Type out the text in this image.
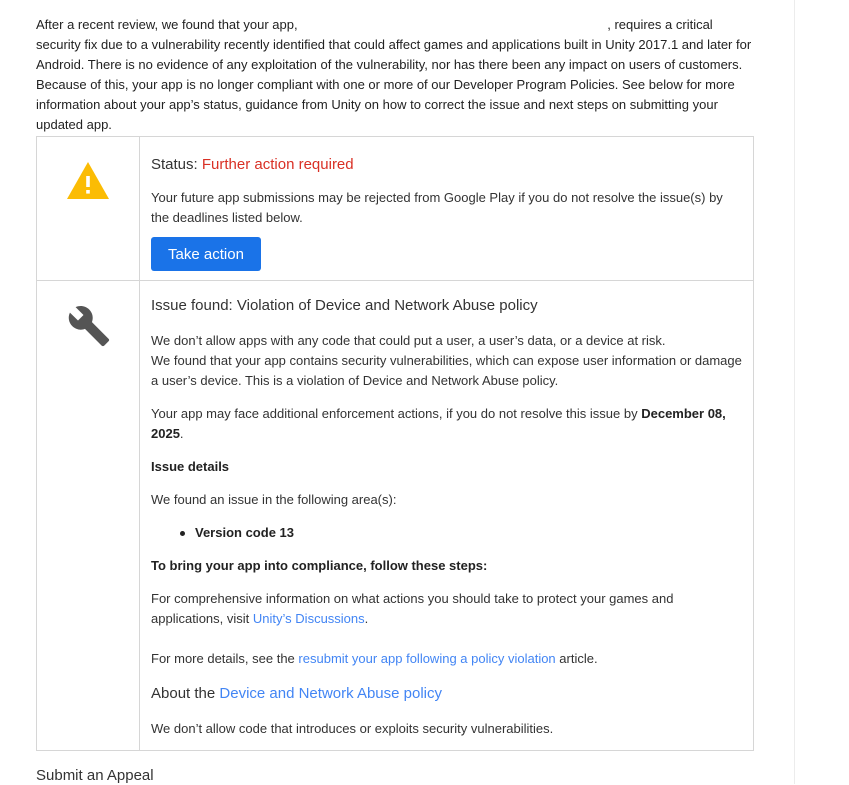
After a recent review, we found that your app,	, requires a critical security fix due to a vulnerability recently identified that could affect games and applications built in Unity 2017.1 and later for Android. There is no evidence of any exploitation of the vulnerability, nor has there been any impact on users of customers. Because of this, your app is no longer compliant with one or more of our Developer Program Policies. See below for more information about your app’s status, guidance from Unity on how to correct the issue and next steps on submitting your updated app.
Status: Further action required

Your future app submissions may be rejected from Google Play if you do not resolve the issue(s) by the deadlines listed below.

Take action
Issue found: Violation of Device and Network Abuse policy

We don’t allow apps with any code that could put a user, a user’s data, or a device at risk.

We found that your app contains security vulnerabilities, which can expose user information or damage a user’s device. This is a violation of Device and Network Abuse policy.

Your app may face additional enforcement actions, if you do not resolve this issue by December 08, 2025.

Issue details

We found an issue in the following area(s):

Version code 13

To bring your app into compliance, follow these steps:

For comprehensive information on what actions you should take to protect your games and applications, visit Unity’s Discussions.

For more details, see the resubmit your app following a policy violation article.

About the Device and Network Abuse policy

We don’t allow code that introduces or exploits security vulnerabilities.

Submit an Appeal
